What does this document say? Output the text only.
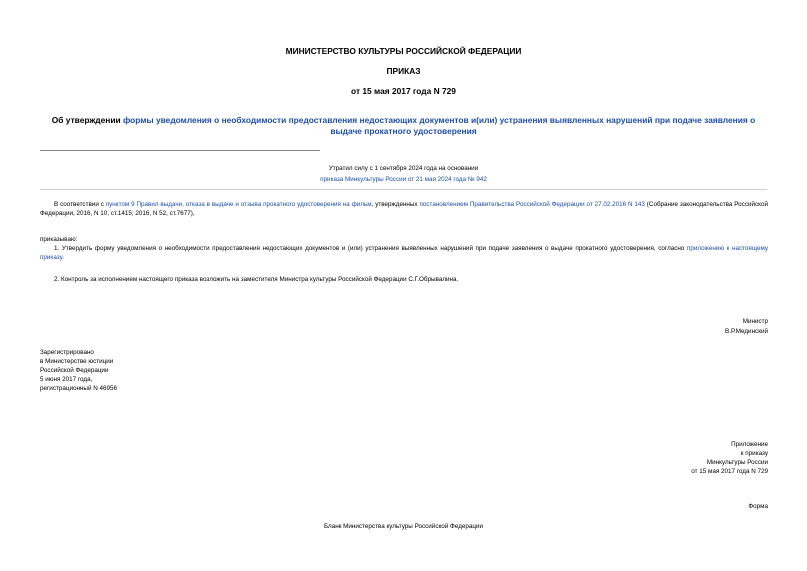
МИНИСТЕРСТВО КУЛЬТУРЫ РОССИЙСКОЙ ФЕДЕРАЦИИ
ПРИКАЗ
от 15 мая 2017 года N 729
Об утверждении формы уведомления о необходимости предоставления недостающих документов и(или) устранения выявленных нарушений при подаче заявления о выдаче прокатного удостоверения
Утратил силу с 1 сентября 2024 года на основании
приказа Минкультуры России от 21 мая 2024 года № 942
В соответствии с пунктом 9 Правил выдачи, отказа в выдаче и отзыва прокатного удостоверения на фильм, утвержденных постановлением Правительства Российской Федерации от 27.02.2016 N 143 (Собрание законодательства Российской Федерации, 2016, N 10, ст.1415; 2016, N 52, ст.7677),
приказываю:
1. Утвердить форму уведомления о необходимости предоставления недостающих документов и (или) устранения выявленных нарушений при подаче заявления о выдаче прокатного удостоверения, согласно приложению к настоящему приказу.
2. Контроль за исполнением настоящего приказа возложить на заместителя Министра культуры Российской Федерации С.Г.Обрывалина.
Министр
В.Р.Мединский

Зарегистрировано

в Министерстве юстиции

Российской Федерации

5 июня 2017 года,

регистрационный N 46956

Приложение

к приказу

Минкультуры России

от 15 мая 2017 года N 729

Форма
Бланк Министерства культуры Российской Федерации
